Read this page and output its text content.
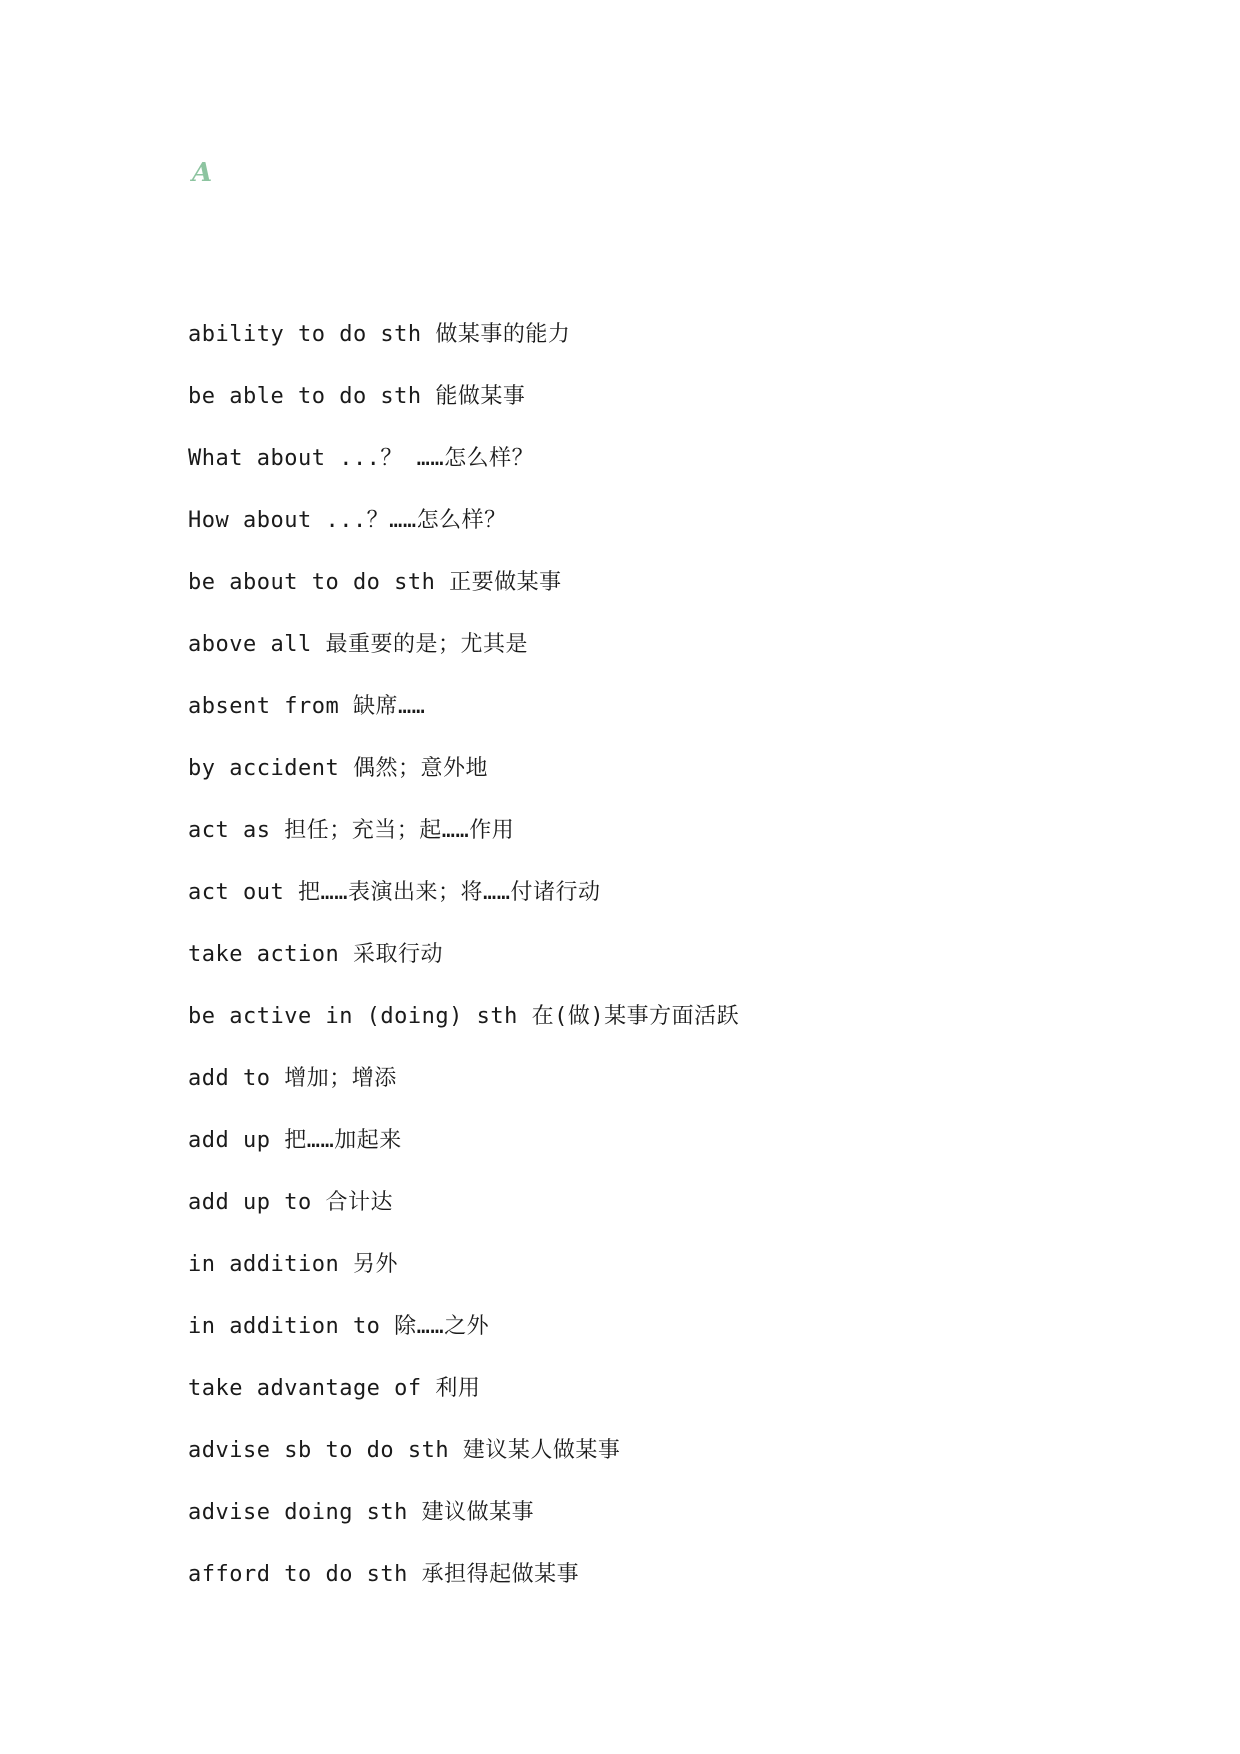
A
ability to do sth 做某事的能力
be able to do sth 能做某事
What about ...？ ……怎么样？
How about ...？……怎么样？
be about to do sth 正要做某事
above all 最重要的是；尤其是
absent from 缺席……
by accident 偶然；意外地
act as 担任；充当；起……作用
act out 把……表演出来；将……付诸行动
take action 采取行动
be active in (doing) sth 在(做)某事方面活跃
add to 增加；增添
add up 把……加起来
add up to 合计达
in addition 另外
in addition to 除……之外
take advantage of 利用
advise sb to do sth 建议某人做某事
advise doing sth 建议做某事
afford to do sth 承担得起做某事
